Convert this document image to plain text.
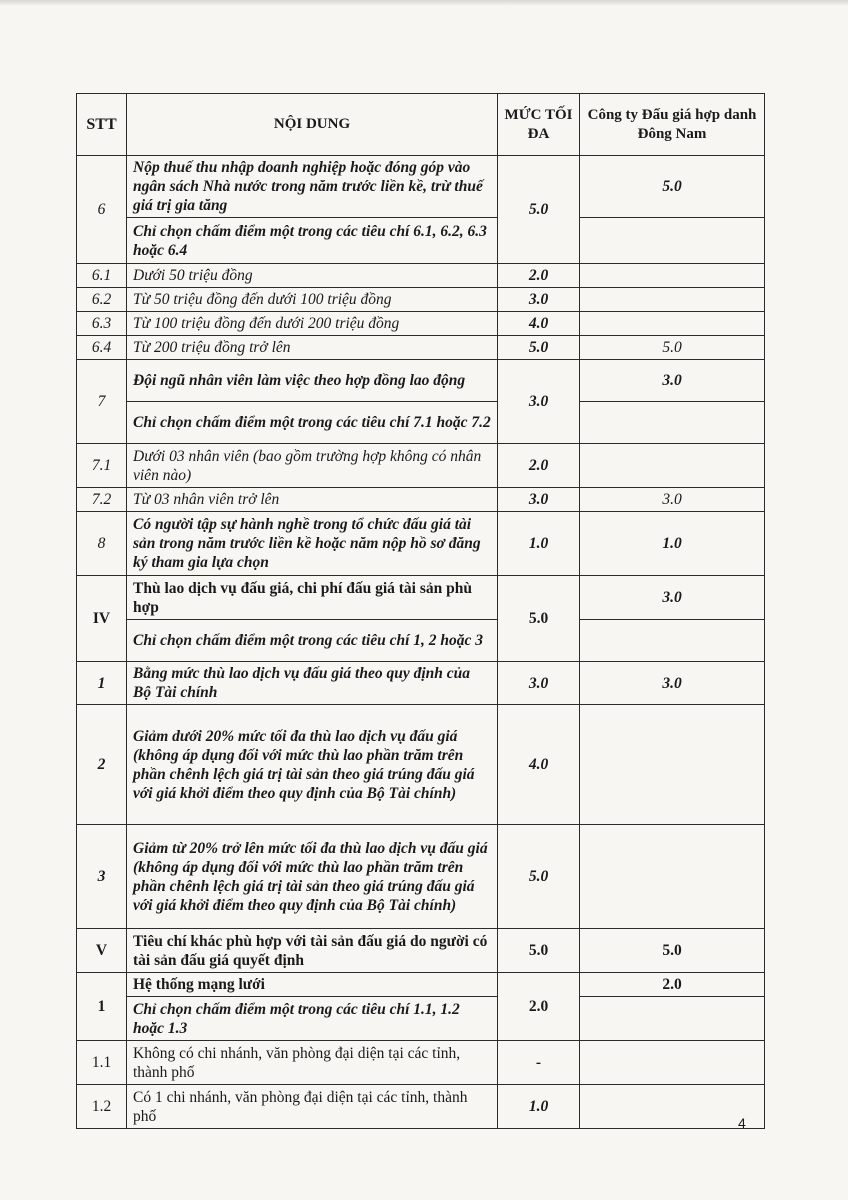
STT	NỘI DUNG	MỨC TỐI ĐA	Công ty Đấu giá hợp danh Đông Nam
6	Nộp thuế thu nhập doanh nghiệp hoặc đóng góp vào ngân sách Nhà nước trong năm trước liền kề, trừ thuế giá trị gia tăng	5.0	5.0
	Chỉ chọn chấm điểm một trong các tiêu chí 6.1, 6.2, 6.3 hoặc 6.4		
6.1	Dưới 50 triệu đồng	2.0	
6.2	Từ 50 triệu đồng đến dưới 100 triệu đồng	3.0	
6.3	Từ 100 triệu đồng đến dưới 200 triệu đồng	4.0	
6.4	Từ 200 triệu đồng trở lên	5.0	5.0
7	Đội ngũ nhân viên làm việc theo hợp đồng lao động	3.0	3.0
	Chỉ chọn chấm điểm một trong các tiêu chí 7.1 hoặc 7.2		
7.1	Dưới 03 nhân viên (bao gồm trường hợp không có nhân viên nào)	2.0	
7.2	Từ 03 nhân viên trở lên	3.0	3.0
8	Có người tập sự hành nghề trong tổ chức đấu giá tài sản trong năm trước liền kề hoặc năm nộp hồ sơ đăng ký tham gia lựa chọn	1.0	1.0
IV	Thù lao dịch vụ đấu giá, chi phí đấu giá tài sản phù hợp	5.0	3.0
	Chỉ chọn chấm điểm một trong các tiêu chí 1, 2 hoặc 3		
1	Bằng mức thù lao dịch vụ đấu giá theo quy định của Bộ Tài chính	3.0	3.0
2	Giảm dưới 20% mức tối đa thù lao dịch vụ đấu giá (không áp dụng đối với mức thù lao phần trăm trên phần chênh lệch giá trị tài sản theo giá trúng đấu giá với giá khởi điểm theo quy định của Bộ Tài chính)	4.0	
3	Giảm từ 20% trở lên mức tối đa thù lao dịch vụ đấu giá (không áp dụng đối với mức thù lao phần trăm trên phần chênh lệch giá trị tài sản theo giá trúng đấu giá với giá khởi điểm theo quy định của Bộ Tài chính)	5.0	
V	Tiêu chí khác phù hợp với tài sản đấu giá do người có tài sản đấu giá quyết định	5.0	5.0
1	Hệ thống mạng lưới	2.0	2.0
	Chỉ chọn chấm điểm một trong các tiêu chí 1.1, 1.2 hoặc 1.3		
1.1	Không có chi nhánh, văn phòng đại diện tại các tỉnh, thành phố	-	
1.2	Có 1 chi nhánh, văn phòng đại diện tại các tỉnh, thành phố	1.0	
4
